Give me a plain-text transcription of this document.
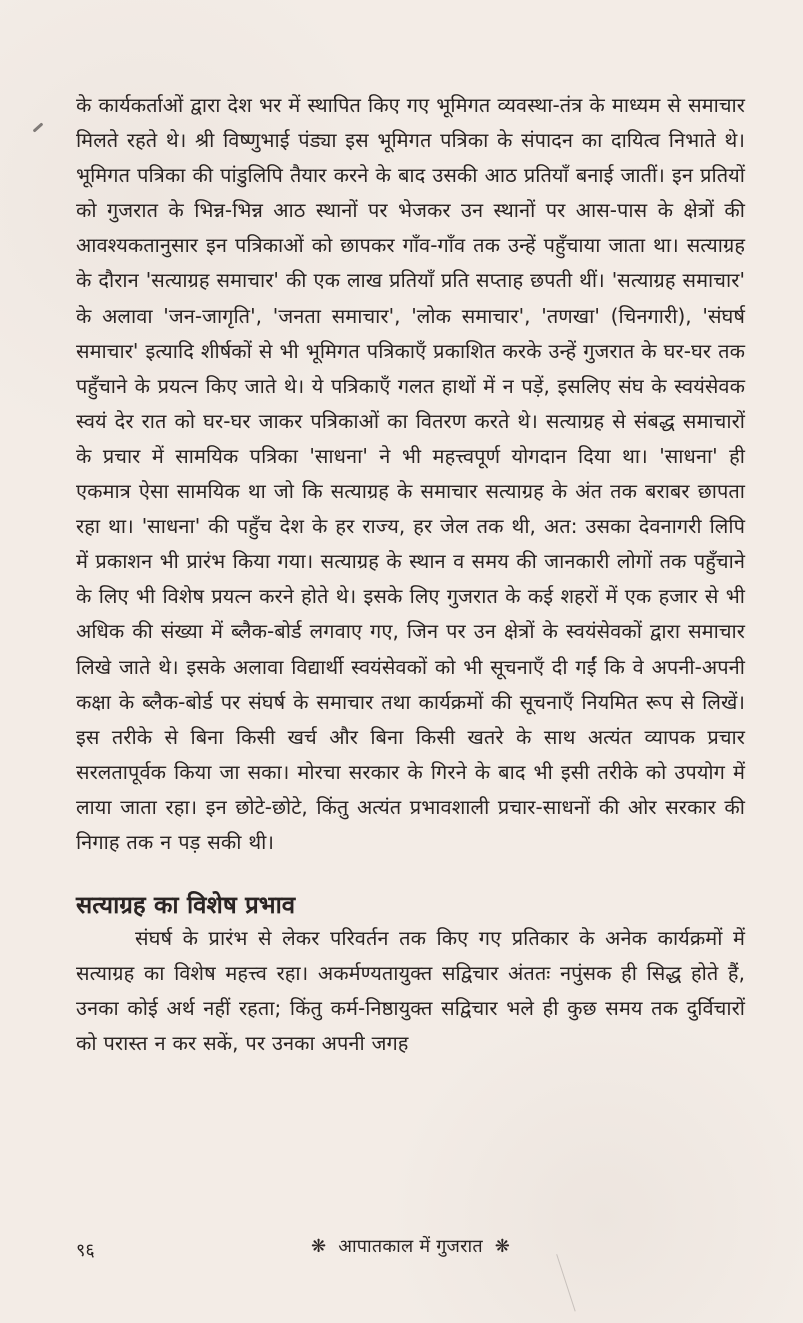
के कार्यकर्ताओं द्वारा देश भर में स्थापित किए गए भूमिगत व्यवस्था-तंत्र के माध्यम से समाचार मिलते रहते थे। श्री विष्णुभाई पंड्या इस भूमिगत पत्रिका के संपादन का दायित्व निभाते थे। भूमिगत पत्रिका की पांडुलिपि तैयार करने के बाद उसकी आठ प्रतियाँ बनाई जातीं। इन प्रतियों को गुजरात के भिन्न-भिन्न आठ स्थानों पर भेजकर उन स्थानों पर आस-पास के क्षेत्रों की आवश्यकतानुसार इन पत्रिकाओं को छापकर गाँव-गाँव तक उन्हें पहुँचाया जाता था। सत्याग्रह के दौरान 'सत्याग्रह समाचार' की एक लाख प्रतियाँ प्रति सप्ताह छपती थीं। 'सत्याग्रह समाचार' के अलावा 'जन-जागृति', 'जनता समाचार', 'लोक समाचार', 'तणखा' (चिनगारी), 'संघर्ष समाचार' इत्यादि शीर्षकों से भी भूमिगत पत्रिकाएँ प्रकाशित करके उन्हें गुजरात के घर-घर तक पहुँचाने के प्रयत्न किए जाते थे। ये पत्रिकाएँ गलत हाथों में न पड़ें, इसलिए संघ के स्वयंसेवक स्वयं देर रात को घर-घर जाकर पत्रिकाओं का वितरण करते थे। सत्याग्रह से संबद्ध समाचारों के प्रचार में सामयिक पत्रिका 'साधना' ने भी महत्त्वपूर्ण योगदान दिया था। 'साधना' ही एकमात्र ऐसा सामयिक था जो कि सत्याग्रह के समाचार सत्याग्रह के अंत तक बराबर छापता रहा था। 'साधना' की पहुँच देश के हर राज्य, हर जेल तक थी, अत: उसका देवनागरी लिपि में प्रकाशन भी प्रारंभ किया गया। सत्याग्रह के स्थान व समय की जानकारी लोगों तक पहुँचाने के लिए भी विशेष प्रयत्न करने होते थे। इसके लिए गुजरात के कई शहरों में एक हजार से भी अधिक की संख्या में ब्लैक-बोर्ड लगवाए गए, जिन पर उन क्षेत्रों के स्वयंसेवकों द्वारा समाचार लिखे जाते थे। इसके अलावा विद्यार्थी स्वयंसेवकों को भी सूचनाएँ दी गईं कि वे अपनी-अपनी कक्षा के ब्लैक-बोर्ड पर संघर्ष के समाचार तथा कार्यक्रमों की सूचनाएँ नियमित रूप से लिखें। इस तरीके से बिना किसी खर्च और बिना किसी खतरे के साथ अत्यंत व्यापक प्रचार सरलतापूर्वक किया जा सका। मोरचा सरकार के गिरने के बाद भी इसी तरीके को उपयोग में लाया जाता रहा। इन छोटे-छोटे, किंतु अत्यंत प्रभावशाली प्रचार-साधनों की ओर सरकार की निगाह तक न पड़ सकी थी।

सत्याग्रह का विशेष प्रभाव

संघर्ष के प्रारंभ से लेकर परिवर्तन तक किए गए प्रतिकार के अनेक कार्यक्रमों में सत्याग्रह का विशेष महत्त्व रहा। अकर्मण्यतायुक्त सद्विचार अंततः नपुंसक ही सिद्ध होते हैं, उनका कोई अर्थ नहीं रहता; किंतु कर्म-निष्ठायुक्त सद्विचार भले ही कुछ समय तक दुर्विचारों को परास्त न कर सकें, पर उनका अपनी जगह

९६	❋ आपातकाल में गुजरात ❋
